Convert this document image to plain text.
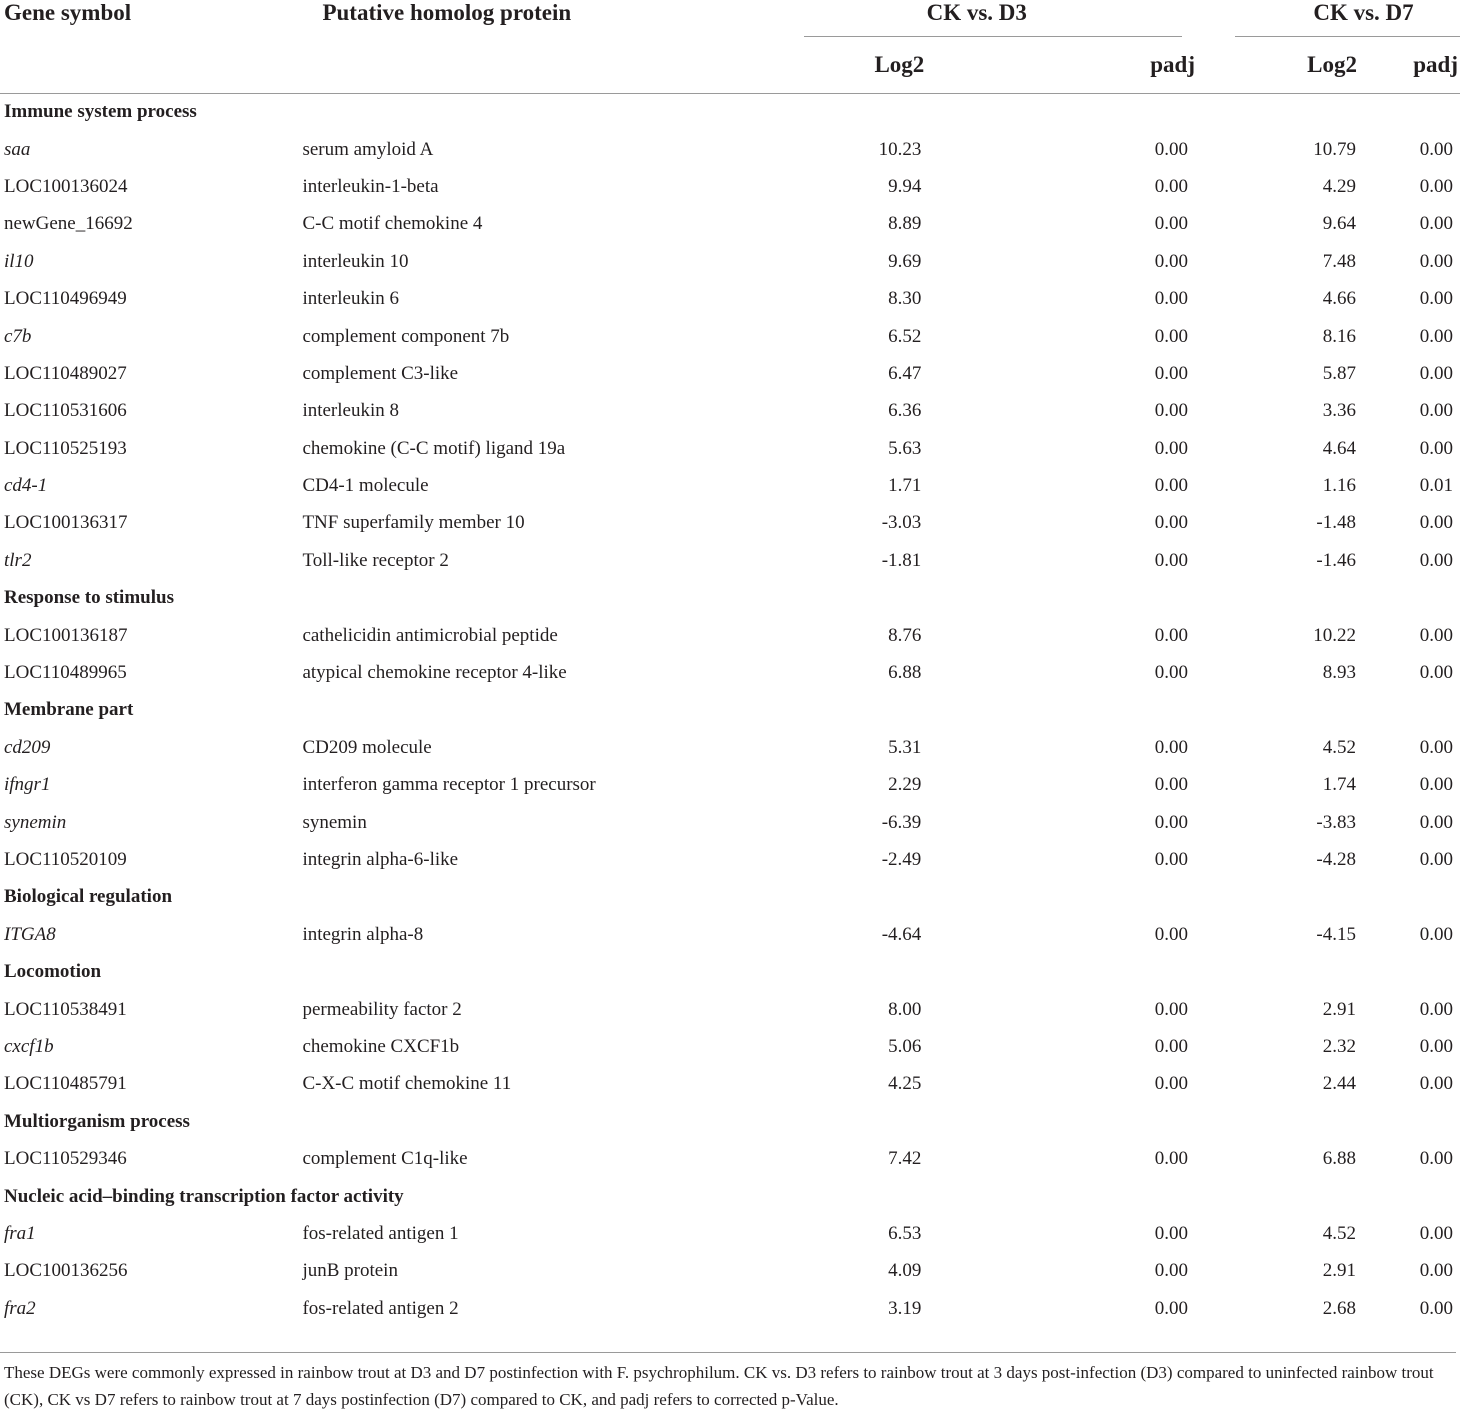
Gene symbol	Putative homolog protein	CK vs. D3		CK vs. D7	
		Log2	padj	Log2	padj
Immune system process					
saa	serum amyloid A	10.23	0.00	10.79	0.00
LOC100136024	interleukin-1-beta	9.94	0.00	4.29	0.00
newGene_16692	C-C motif chemokine 4	8.89	0.00	9.64	0.00
il10	interleukin 10	9.69	0.00	7.48	0.00
LOC110496949	interleukin 6	8.30	0.00	4.66	0.00
c7b	complement component 7b	6.52	0.00	8.16	0.00
LOC110489027	complement C3-like	6.47	0.00	5.87	0.00
LOC110531606	interleukin 8	6.36	0.00	3.36	0.00
LOC110525193	chemokine (C-C motif) ligand 19a	5.63	0.00	4.64	0.00
cd4-1	CD4-1 molecule	1.71	0.00	1.16	0.01
LOC100136317	TNF superfamily member 10	-3.03	0.00	-1.48	0.00
tlr2	Toll-like receptor 2	-1.81	0.00	-1.46	0.00
Response to stimulus					
LOC100136187	cathelicidin antimicrobial peptide	8.76	0.00	10.22	0.00
LOC110489965	atypical chemokine receptor 4-like	6.88	0.00	8.93	0.00
Membrane part					
cd209	CD209 molecule	5.31	0.00	4.52	0.00
ifngr1	interferon gamma receptor 1 precursor	2.29	0.00	1.74	0.00
synemin	synemin	-6.39	0.00	-3.83	0.00
LOC110520109	integrin alpha-6-like	-2.49	0.00	-4.28	0.00
Biological regulation					
ITGA8	integrin alpha-8	-4.64	0.00	-4.15	0.00
Locomotion					
LOC110538491	permeability factor 2	8.00	0.00	2.91	0.00
cxcf1b	chemokine CXCF1b	5.06	0.00	2.32	0.00
LOC110485791	C-X-C motif chemokine 11	4.25	0.00	2.44	0.00
Multiorganism process					
LOC110529346	complement C1q-like	7.42	0.00	6.88	0.00
Nucleic acid–binding transcription factor activity					
fra1	fos-related antigen 1	6.53	0.00	4.52	0.00
LOC100136256	junB protein	4.09	0.00	2.91	0.00
fra2	fos-related antigen 2	3.19	0.00	2.68	0.00
These DEGs were commonly expressed in rainbow trout at D3 and D7 postinfection with F. psychrophilum. CK vs. D3 refers to rainbow trout at 3 days post-infection (D3) compared to uninfected rainbow trout (CK), CK vs D7 refers to rainbow trout at 7 days postinfection (D7) compared to CK, and padj refers to corrected p-Value.
